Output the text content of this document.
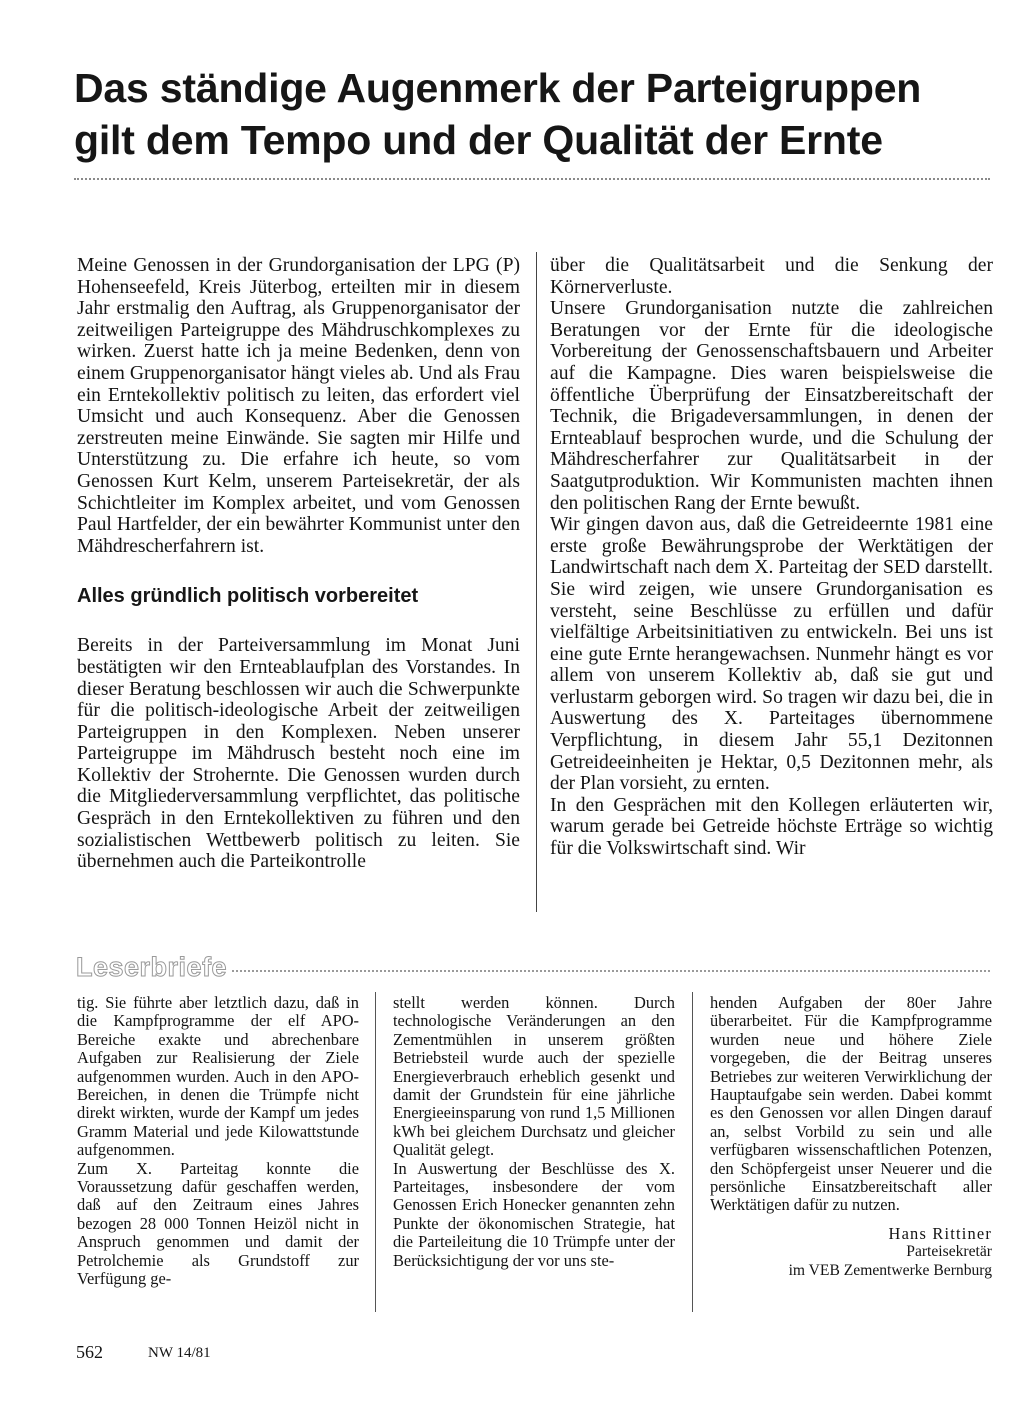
Das ständige Augenmerk der Parteigruppen
gilt dem Tempo und der Qualität der Ernte

Meine Genossen in der Grundorganisation der LPG (P) Hohenseefeld, Kreis Jüterbog, erteilten mir in diesem Jahr erstmalig den Auftrag, als Gruppenorganisator der zeitweiligen Parteigruppe des Mähdruschkomplexes zu wirken. Zuerst hatte ich ja meine Bedenken, denn von einem Gruppenorganisator hängt vieles ab. Und als Frau ein Erntekollektiv politisch zu leiten, das erfordert viel Umsicht und auch Konsequenz. Aber die Genossen zerstreuten meine Einwände. Sie sagten mir Hilfe und Unterstützung zu. Die erfahre ich heute, so vom Genossen Kurt Kelm, unserem Parteisekretär, der als Schichtleiter im Komplex arbeitet, und vom Genossen Paul Hartfelder, der ein bewährter Kommunist unter den Mähdrescherfahrern ist.

Alles gründlich politisch vorbereitet

Bereits in der Parteiversammlung im Monat Juni bestätigten wir den Ernteablaufplan des Vorstandes. In dieser Beratung beschlossen wir auch die Schwerpunkte für die politisch-ideologische Arbeit der zeitweiligen Parteigruppen in den Komplexen. Neben unserer Parteigruppe im Mähdrusch besteht noch eine im Kollektiv der Strohernte. Die Genossen wurden durch die Mitgliederversammlung verpflichtet, das politische Gespräch in den Erntekollektiven zu führen und den sozialistischen Wettbewerb politisch zu leiten. Sie übernehmen auch die Parteikontrolle

über die Qualitätsarbeit und die Senkung der Körnerverluste.

Unsere Grundorganisation nutzte die zahlreichen Beratungen vor der Ernte für die ideologische Vorbereitung der Genossenschaftsbauern und Arbeiter auf die Kampagne. Dies waren beispielsweise die öffentliche Überprüfung der Einsatzbereitschaft der Technik, die Brigadeversammlungen, in denen der Ernteablauf besprochen wurde, und die Schulung der Mähdrescherfahrer zur Qualitätsarbeit in der Saatgutproduktion. Wir Kommunisten machten ihnen den politischen Rang der Ernte bewußt.

Wir gingen davon aus, daß die Getreideernte 1981 eine erste große Bewährungsprobe der Werktätigen der Landwirtschaft nach dem X. Parteitag der SED darstellt. Sie wird zeigen, wie unsere Grundorganisation es versteht, seine Beschlüsse zu erfüllen und dafür vielfältige Arbeitsinitiativen zu entwickeln. Bei uns ist eine gute Ernte herangewachsen. Nunmehr hängt es vor allem von unserem Kollektiv ab, daß sie gut und verlustarm geborgen wird. So tragen wir dazu bei, die in Auswertung des X. Parteitages übernommene Verpflichtung, in diesem Jahr 55,1 Dezitonnen Getreideeinheiten je Hektar, 0,5 Dezitonnen mehr, als der Plan vorsieht, zu ernten.

In den Gesprächen mit den Kollegen erläuterten wir, warum gerade bei Getreide höchste Erträge so wichtig für die Volkswirtschaft sind. Wir

Leserbriefe

tig. Sie führte aber letztlich dazu, daß in die Kampfprogramme der elf APO-Bereiche exakte und abrechenbare Aufgaben zur Realisierung der Ziele aufgenommen wurden. Auch in den APO-Bereichen, in denen die Trümpfe nicht direkt wirkten, wurde der Kampf um jedes Gramm Material und jede Kilowattstunde aufgenommen.

Zum X. Parteitag konnte die Voraussetzung dafür geschaffen werden, daß auf den Zeitraum eines Jahres bezogen 28 000 Tonnen Heizöl nicht in Anspruch genommen und damit der Petrolchemie als Grundstoff zur Verfügung ge-

stellt werden können. Durch technologische Veränderungen an den Zementmühlen in unserem größten Betriebsteil wurde auch der spezielle Energieverbrauch erheblich gesenkt und damit der Grundstein für eine jährliche Energieeinsparung von rund 1,5 Millionen kWh bei gleichem Durchsatz und gleicher Qualität gelegt.

In Auswertung der Beschlüsse des X. Parteitages, insbesondere der vom Genossen Erich Honecker genannten zehn Punkte der ökonomischen Strategie, hat die Parteileitung die 10 Trümpfe unter der Berücksichtigung der vor uns ste-

henden Aufgaben der 80er Jahre überarbeitet. Für die Kampfprogramme wurden neue und höhere Ziele vorgegeben, die der Beitrag unseres Betriebes zur weiteren Verwirklichung der Hauptaufgabe sein werden. Dabei kommt es den Genossen vor allen Dingen darauf an, selbst Vorbild zu sein und alle verfügbaren wissenschaftlichen Potenzen, den Schöpfergeist unser Neuerer und die persönliche Einsatzbereitschaft aller Werktätigen dafür zu nutzen.

Hans Rittiner

Parteisekretär

im VEB Zementwerke Bernburg

562	NW 14/81
